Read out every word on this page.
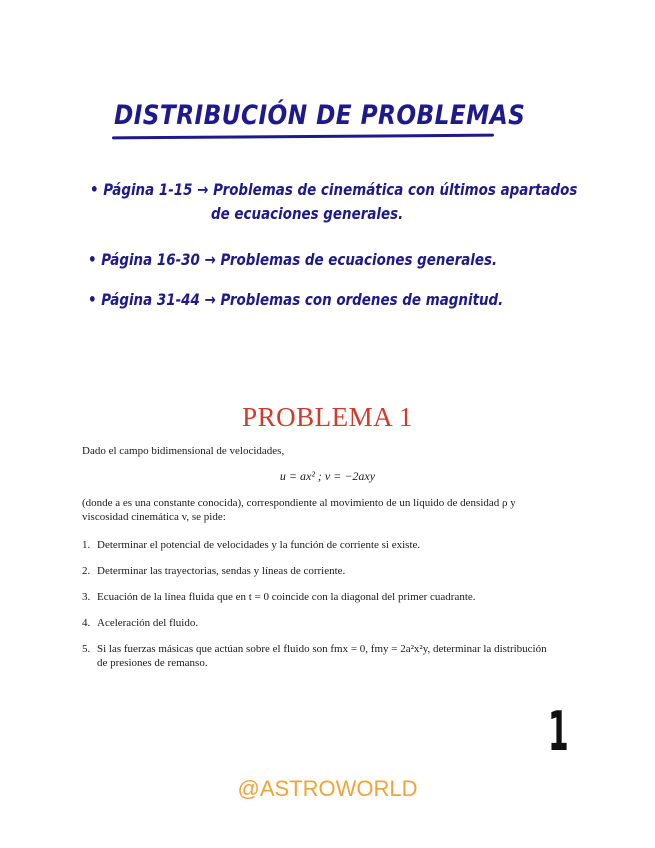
DISTRIBUCIÓN DE PROBLEMAS
• Página 1-15 → Problemas de cinemática con últimos apartados
de ecuaciones generales.
• Página 16-30 → Problemas de ecuaciones generales.
• Página 31-44 → Problemas con ordenes de magnitud.
PROBLEMA 1
Dado el campo bidimensional de velocidades,
u = ax² ; v = −2axy
(donde a es una constante conocida), correspondiente al movimiento de un líquido de densidad ρ y viscosidad cinemática v, se pide:
1. Determinar el potencial de velocidades y la función de corriente si existe.
2. Determinar las trayectorias, sendas y líneas de corriente.
3. Ecuación de la línea fluida que en t = 0 coincide con la diagonal del primer cuadrante.
4. Aceleración del fluido.
5. Si las fuerzas másicas que actúan sobre el fluido son fmx = 0, fmy = 2a²x²y, determinar la distribución de presiones de remanso.
1
@ASTROWORLD
